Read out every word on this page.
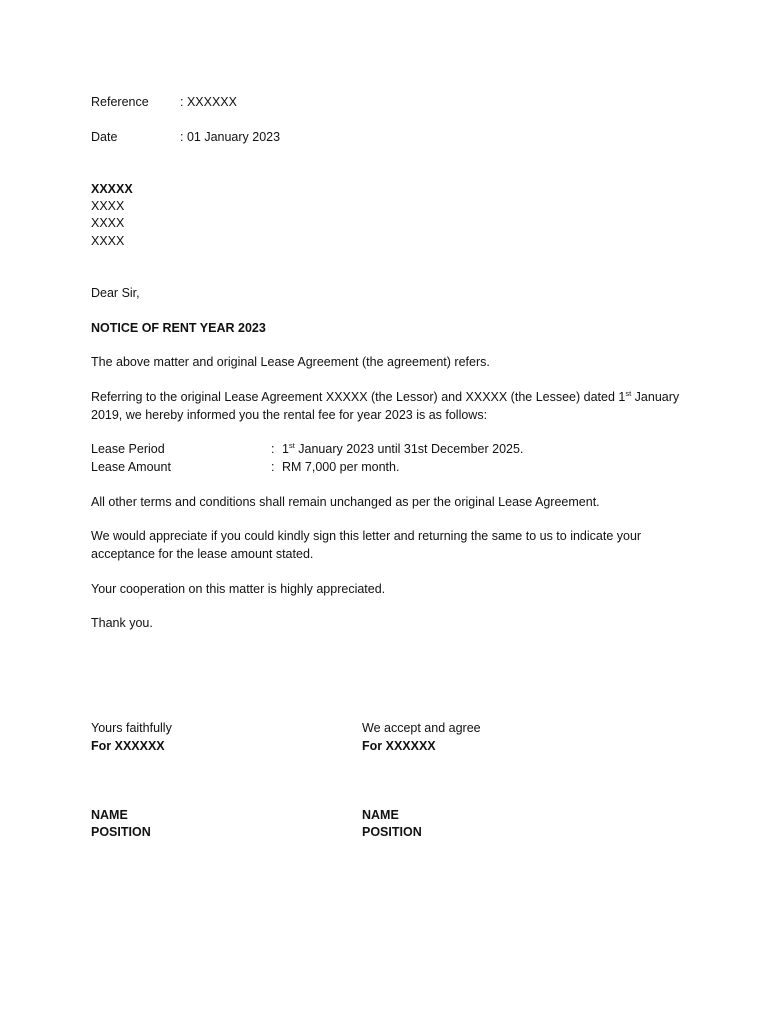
Reference	: XXXXXX
Date	: 01 January 2023
XXXXX
XXXX
XXXX
XXXX
Dear Sir,
NOTICE OF RENT YEAR 2023
The above matter and original Lease Agreement (the agreement) refers.
Referring to the original Lease Agreement XXXXX (the Lessor) and XXXXX (the Lessee) dated 1st January 2019, we hereby informed you the rental fee for year 2023 is as follows:
Lease Period	: 1st January 2023 until 31st December 2025.
Lease Amount	: RM 7,000 per month.
All other terms and conditions shall remain unchanged as per the original Lease Agreement.
We would appreciate if you could kindly sign this letter and returning the same to us to indicate your acceptance for the lease amount stated.
Your cooperation on this matter is highly appreciated.
Thank you.
Yours faithfully
For XXXXXX
NAME
POSITION
We accept and agree
For XXXXXX
NAME
POSITION
